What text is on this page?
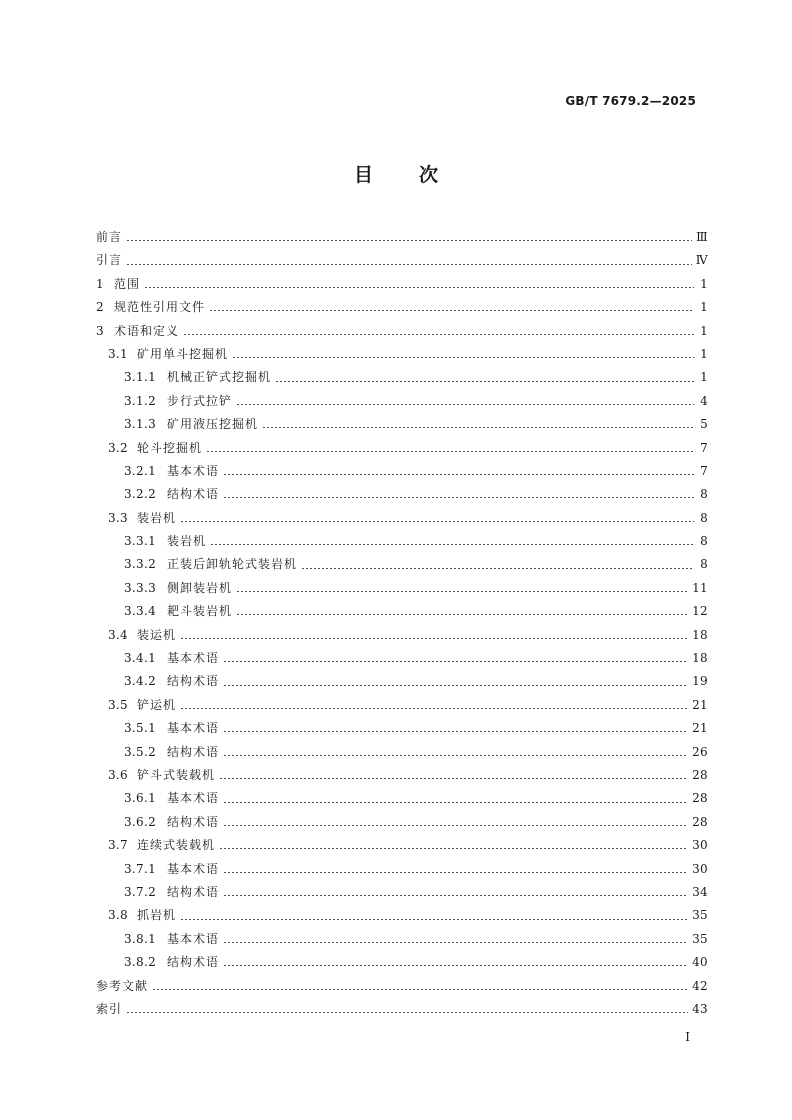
GB/T 7679.2—2025
目 次
前言	Ⅲ
引言	Ⅳ
1 范围	1
2 规范性引用文件	1
3 术语和定义	1
3.1 矿用单斗挖掘机	1
3.1.1 机械正铲式挖掘机	1
3.1.2 步行式拉铲	4
3.1.3 矿用液压挖掘机	5
3.2 轮斗挖掘机	7
3.2.1 基本术语	7
3.2.2 结构术语	8
3.3 装岩机	8
3.3.1 装岩机	8
3.3.2 正装后卸轨轮式装岩机	8
3.3.3 侧卸装岩机	11
3.3.4 耙斗装岩机	12
3.4 装运机	18
3.4.1 基本术语	18
3.4.2 结构术语	19
3.5 铲运机	21
3.5.1 基本术语	21
3.5.2 结构术语	26
3.6 铲斗式装载机	28
3.6.1 基本术语	28
3.6.2 结构术语	28
3.7 连续式装载机	30
3.7.1 基本术语	30
3.7.2 结构术语	34
3.8 抓岩机	35
3.8.1 基本术语	35
3.8.2 结构术语	40
参考文献	42
索引	43
Ⅰ
